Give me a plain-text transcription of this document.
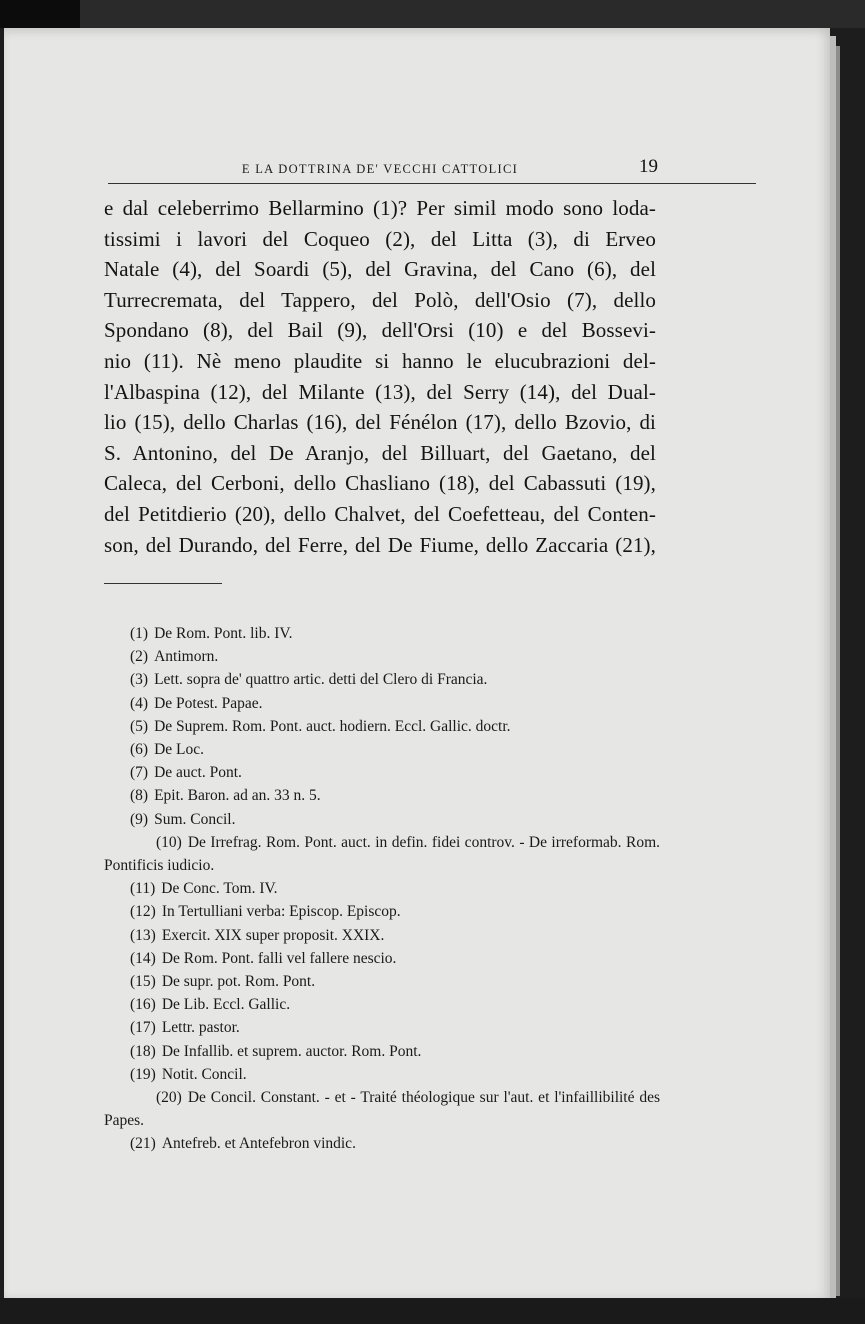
E LA DOTTRINA DE' VECCHI CATTOLICI	19
e dal celeberrimo Bellarmino (1)? Per simil modo sono loda-
tissimi i lavori del Coqueo (2), del Litta (3), di Erveo
Natale (4), del Soardi (5), del Gravina, del Cano (6), del
Turrecremata, del Tappero, del Polò, dell'Osio (7), dello
Spondano (8), del Bail (9), dell'Orsi (10) e del Bossevi-
nio (11). Nè meno plaudite si hanno le elucubrazioni del-
l'Albaspina (12), del Milante (13), del Serry (14), del Dual-
lio (15), dello Charlas (16), del Fénélon (17), dello Bzovio, di
S. Antonino, del De Aranjo, del Billuart, del Gaetano, del
Caleca, del Cerboni, dello Chasliano (18), del Cabassuti (19),
del Petitdierio (20), dello Chalvet, del Coefetteau, del Conten-
son, del Durando, del Ferre, del De Fiume, dello Zaccaria (21),
(1) De Rom. Pont. lib. IV.
(2) Antimorn.
(3) Lett. sopra de' quattro artic. detti del Clero di Francia.
(4) De Potest. Papae.
(5) De Suprem. Rom. Pont. auct. hodiern. Eccl. Gallic. doctr.
(6) De Loc.
(7) De auct. Pont.
(8) Epit. Baron. ad an. 33 n. 5.
(9) Sum. Concil.
(10) De Irrefrag. Rom. Pont. auct. in defin. fidei controv. - De irreformab. Rom. Pontificis iudicio.
(11) De Conc. Tom. IV.
(12) In Tertulliani verba: Episcop. Episcop.
(13) Exercit. XIX super proposit. XXIX.
(14) De Rom. Pont. falli vel fallere nescio.
(15) De supr. pot. Rom. Pont.
(16) De Lib. Eccl. Gallic.
(17) Lettr. pastor.
(18) De Infallib. et suprem. auctor. Rom. Pont.
(19) Notit. Concil.
(20) De Concil. Constant. - et - Traité théologique sur l'aut. et l'infaillibilité des Papes.
(21) Antefreb. et Antefebron vindic.
